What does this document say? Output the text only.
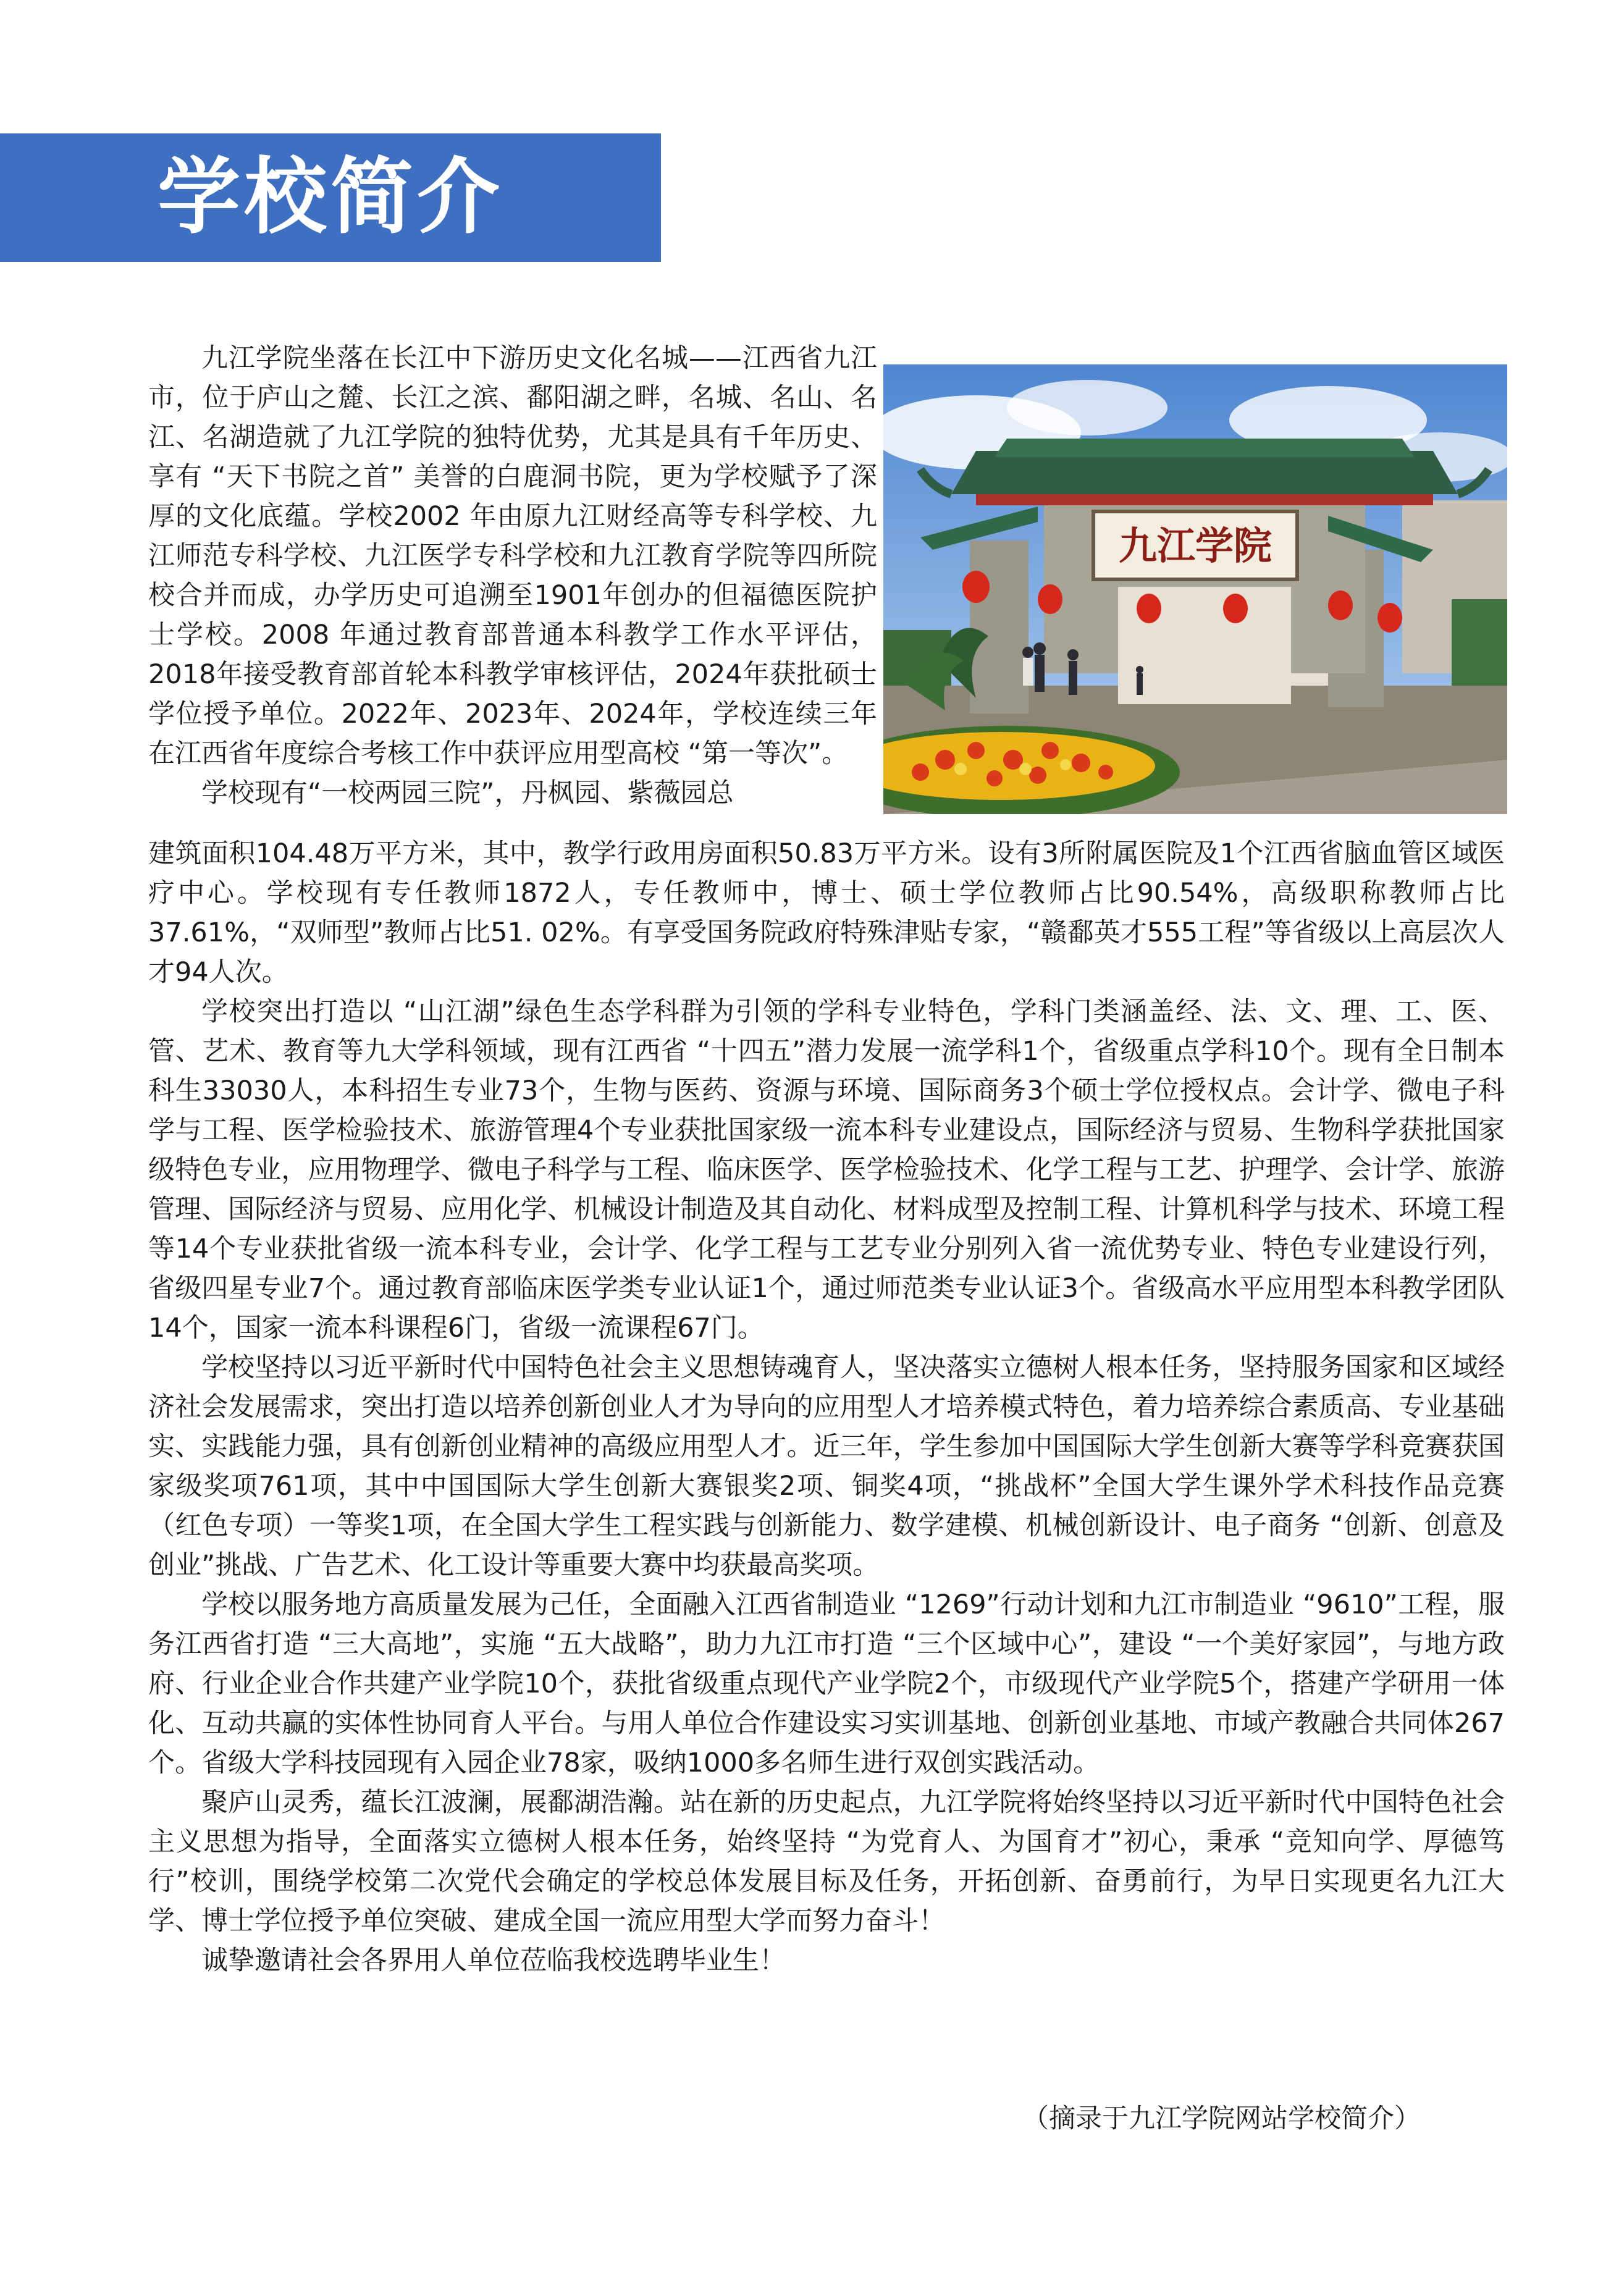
学校简介
九江学院

九江学院坐落在长江中下游历史文化名城——江西省九江市，位于庐山之麓、长江之滨、鄱阳湖之畔，名城、名山、名江、名湖造就了九江学院的独特优势，尤其是具有千年历史、享有 “天下书院之首” 美誉的白鹿洞书院，更为学校赋予了深厚的文化底蕴。学校2002 年由原九江财经高等专科学校、九江师范专科学校、九江医学专科学校和九江教育学院等四所院校合并而成，办学历史可追溯至1901年创办的但福德医院护士学校。2008 年通过教育部普通本科教学工作水平评估，2018年接受教育部首轮本科教学审核评估，2024年获批硕士学位授予单位。2022年、2023年、2024年，学校连续三年在江西省年度综合考核工作中获评应用型高校 “第一等次”。

学校现有“一校两园三院”，丹枫园、紫薇园总

建筑面积104.48万平方米，其中，教学行政用房面积50.83万平方米。设有3所附属医院及1个江西省脑血管区域医疗中心。学校现有专任教师1872人，专任教师中，博士、硕士学位教师占比90.54%，高级职称教师占比37.61%，“双师型”教师占比51. 02%。有享受国务院政府特殊津贴专家，“赣鄱英才555工程”等省级以上高层次人才94人次。

学校突出打造以 “山江湖”绿色生态学科群为引领的学科专业特色，学科门类涵盖经、法、文、理、工、医、管、艺术、教育等九大学科领域，现有江西省 “十四五”潜力发展一流学科1个，省级重点学科10个。现有全日制本科生33030人，本科招生专业73个，生物与医药、资源与环境、国际商务3个硕士学位授权点。会计学、微电子科学与工程、医学检验技术、旅游管理4个专业获批国家级一流本科专业建设点，国际经济与贸易、生物科学获批国家级特色专业，应用物理学、微电子科学与工程、临床医学、医学检验技术、化学工程与工艺、护理学、会计学、旅游管理、国际经济与贸易、应用化学、机械设计制造及其自动化、材料成型及控制工程、计算机科学与技术、环境工程等14个专业获批省级一流本科专业，会计学、化学工程与工艺专业分别列入省一流优势专业、特色专业建设行列，省级四星专业7个。通过教育部临床医学类专业认证1个，通过师范类专业认证3个。省级高水平应用型本科教学团队14个，国家一流本科课程6门，省级一流课程67门。

学校坚持以习近平新时代中国特色社会主义思想铸魂育人，坚决落实立德树人根本任务，坚持服务国家和区域经济社会发展需求，突出打造以培养创新创业人才为导向的应用型人才培养模式特色，着力培养综合素质高、专业基础实、实践能力强，具有创新创业精神的高级应用型人才。近三年，学生参加中国国际大学生创新大赛等学科竞赛获国家级奖项761项，其中中国国际大学生创新大赛银奖2项、铜奖4项，“挑战杯”全国大学生课外学术科技作品竞赛（红色专项）一等奖1项，在全国大学生工程实践与创新能力、数学建模、机械创新设计、电子商务 “创新、创意及创业”挑战、广告艺术、化工设计等重要大赛中均获最高奖项。

学校以服务地方高质量发展为己任，全面融入江西省制造业 “1269”行动计划和九江市制造业 “9610”工程，服务江西省打造 “三大高地”，实施 “五大战略”，助力九江市打造 “三个区域中心”，建设 “一个美好家园”，与地方政府、行业企业合作共建产业学院10个，获批省级重点现代产业学院2个，市级现代产业学院5个，搭建产学研用一体化、互动共赢的实体性协同育人平台。与用人单位合作建设实习实训基地、创新创业基地、市域产教融合共同体267个。省级大学科技园现有入园企业78家，吸纳1000多名师生进行双创实践活动。

聚庐山灵秀，蕴长江波澜，展鄱湖浩瀚。站在新的历史起点，九江学院将始终坚持以习近平新时代中国特色社会主义思想为指导，全面落实立德树人根本任务，始终坚持 “为党育人、为国育才”初心，秉承 “竞知向学、厚德笃行”校训，围绕学校第二次党代会确定的学校总体发展目标及任务，开拓创新、奋勇前行，为早日实现更名九江大学、博士学位授予单位突破、建成全国一流应用型大学而努力奋斗！

诚挚邀请社会各界用人单位莅临我校选聘毕业生！

（摘录于九江学院网站学校简介）
